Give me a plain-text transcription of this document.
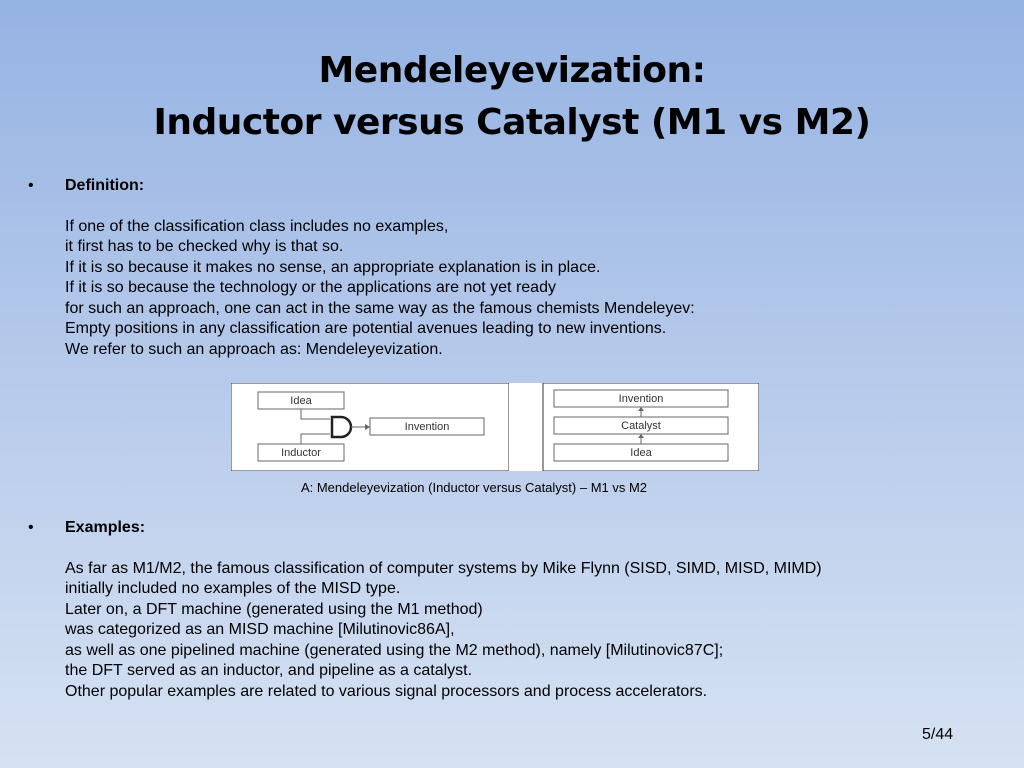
Mendeleyevization:
Inductor versus Catalyst (M1 vs M2)
• Definition:
If one of the classification class includes no examples,
it first has to be checked why is that so.
If it is so because it makes no sense, an appropriate explanation is in place.
If it is so because the technology or the applications are not yet ready
for such an approach, one can act in the same way as the famous chemists Mendeleyev:
Empty positions in any classification are potential avenues leading to new inventions.
We refer to such an approach as: Mendeleyevization.
Idea
Inductor
Invention
Invention
Catalyst
Idea
A: Mendeleyevization (Inductor versus Catalyst) – M1 vs M2
• Examples:
As far as M1/M2, the famous classification of computer systems by Mike Flynn (SISD, SIMD, MISD, MIMD)
initially included no examples of the MISD type.
Later on, a DFT machine (generated using the M1 method)
was categorized as an MISD machine [Milutinovic86A],
as well as one pipelined machine (generated using the M2 method), namely [Milutinovic87C];
the DFT served as an inductor, and pipeline as a catalyst.
Other popular examples are related to various signal processors and process accelerators.
5/44
